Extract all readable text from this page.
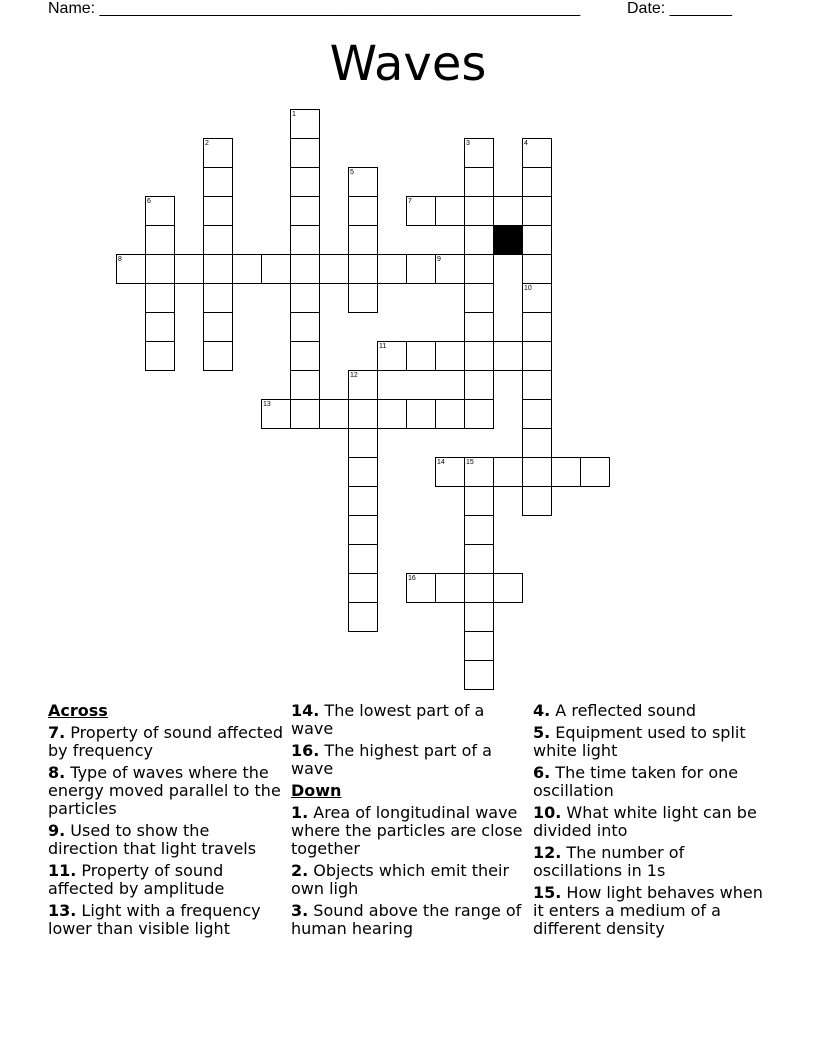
Name: ______________________________________________________	Date: _______
Waves
1
2	3	4
5
6	7
8	9
10
11
12
13
14	15
16
Across
7. Property of sound affected by frequency
8. Type of waves where the energy moved parallel to the particles
9. Used to show the direction that light travels
11. Property of sound affected by amplitude
13. Light with a frequency lower than visible light
14. The lowest part of a wave
16. The highest part of a wave
Down
1. Area of longitudinal wave where the particles are close together
2. Objects which emit their own ligh
3. Sound above the range of human hearing
4. A reflected sound
5. Equipment used to split white light
6. The time taken for one oscillation
10. What white light can be divided into
12. The number of oscillations in 1s
15. How light behaves when it enters a medium of a different density
